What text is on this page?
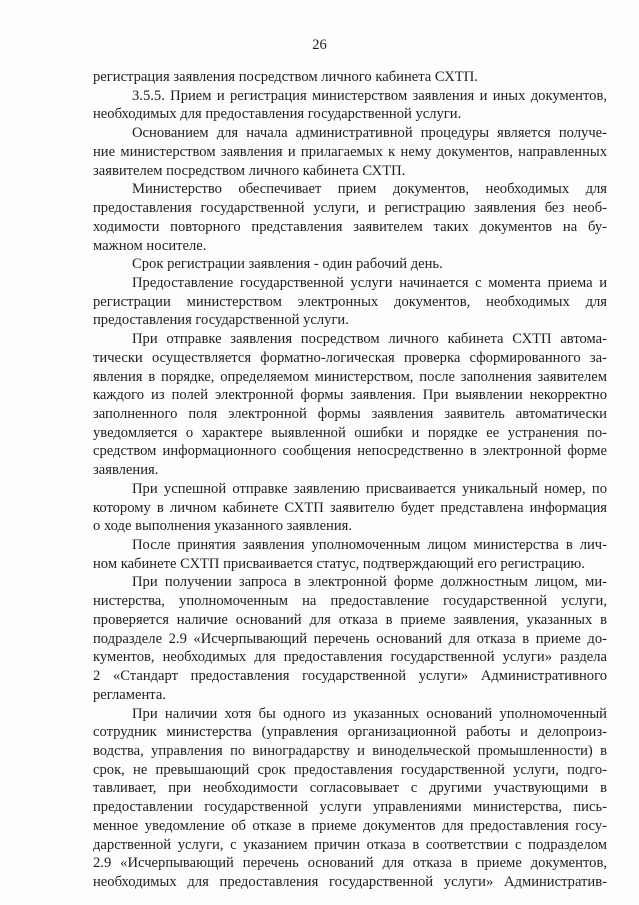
26
регистрация заявления посредством личного кабинета СХТП.
3.5.5. Прием и регистрация министерством заявления и иных документов,
необходимых для предоставления государственной услуги.
Основанием для начала административной процедуры является получе-
ние министерством заявления и прилагаемых к нему документов, направленных
заявителем посредством личного кабинета СХТП.
Министерство обеспечивает прием документов, необходимых для
предоставления государственной услуги, и регистрацию заявления без необ-
ходимости повторного представления заявителем таких документов на бу-
мажном носителе.
Срок регистрации заявления - один рабочий день.
Предоставление государственной услуги начинается с момента приема и
регистрации министерством электронных документов, необходимых для
предоставления государственной услуги.
При отправке заявления посредством личного кабинета СХТП автома-
тически осуществляется форматно-логическая проверка сформированного за-
явления в порядке, определяемом министерством, после заполнения заявителем
каждого из полей электронной формы заявления. При выявлении некорректно
заполненного поля электронной формы заявления заявитель автоматически
уведомляется о характере выявленной ошибки и порядке ее устранения по-
средством информационного сообщения непосредственно в электронной форме
заявления.
При успешной отправке заявлению присваивается уникальный номер, по
которому в личном кабинете СХТП заявителю будет представлена информация
о ходе выполнения указанного заявления.
После принятия заявления уполномоченным лицом министерства в лич-
ном кабинете СХТП присваивается статус, подтверждающий его регистрацию.
При получении запроса в электронной форме должностным лицом, ми-
нистерства, уполномоченным на предоставление государственной услуги,
проверяется наличие оснований для отказа в приеме заявления, указанных в
подразделе 2.9 «Исчерпывающий перечень оснований для отказа в приеме до-
кументов, необходимых для предоставления государственной услуги» раздела
2 «Стандарт предоставления государственной услуги» Административного
регламента.
При наличии хотя бы одного из указанных оснований уполномоченный
сотрудник министерства (управления организационной работы и делопроиз-
водства, управления по виноградарству и винодельческой промышленности) в
срок, не превышающий срок предоставления государственной услуги, подго-
тавливает, при необходимости согласовывает с другими участвующими в
предоставлении государственной услуги управлениями министерства, пись-
менное уведомление об отказе в приеме документов для предоставления госу-
дарственной услуги, с указанием причин отказа в соответствии с подразделом
2.9 «Исчерпывающий перечень оснований для отказа в приеме документов,
необходимых для предоставления государственной услуги» Административ-
